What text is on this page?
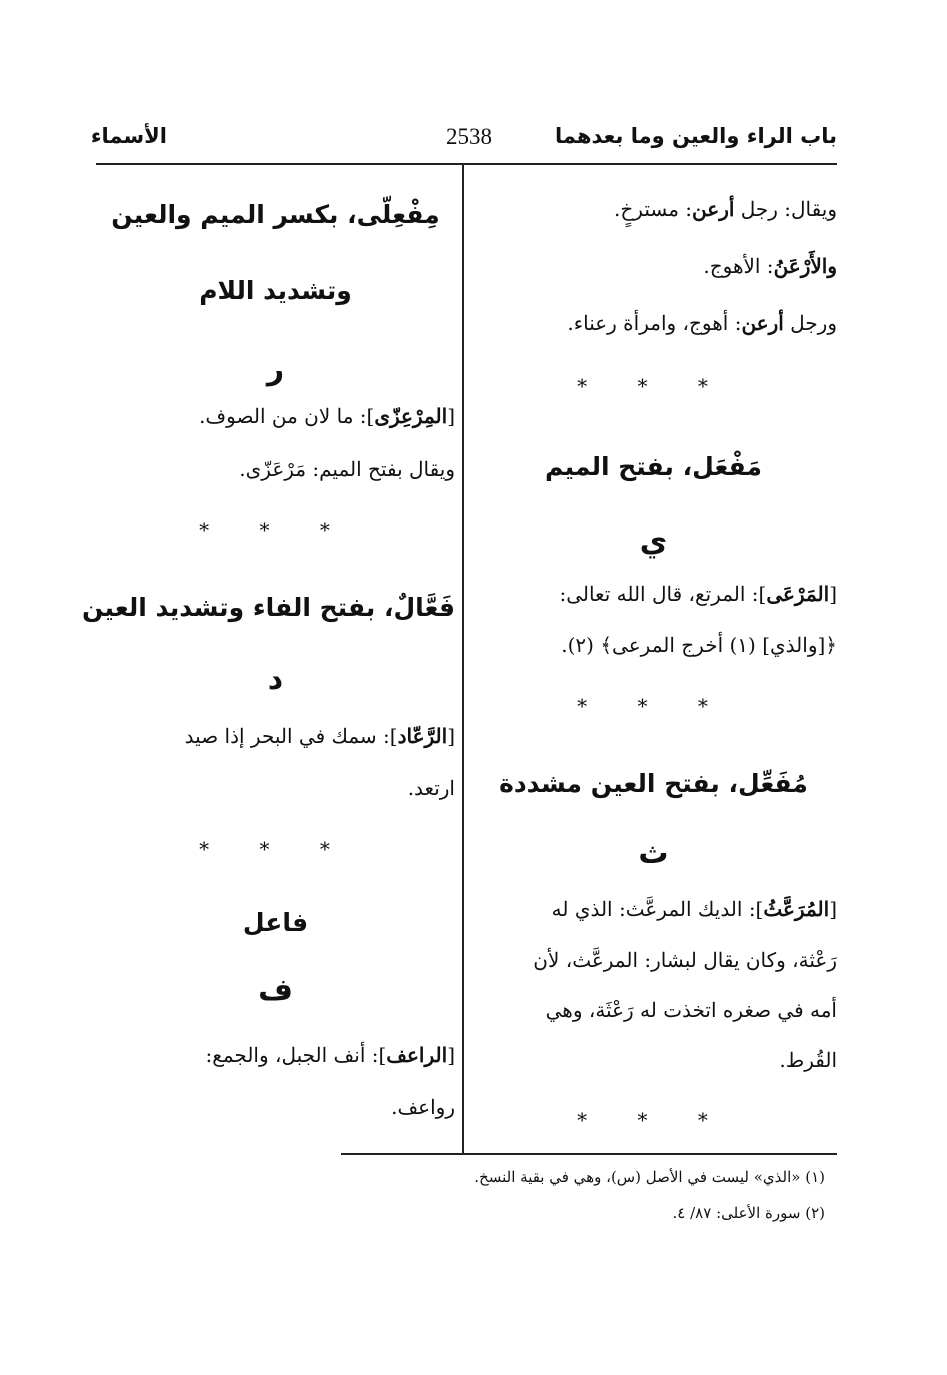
باب الراء والعين وما بعدهما
2538
الأسماء
ويقال: رجل أرعن: مسترخٍ.
والأَرْعَنُ: الأهوج.
ورجل أرعن: أهوج، وامرأة رعناء.
* * *
مَفْعَل، بفتح الميم
ي
[المَرْعَى]: المرتع، قال الله تعالى:
﴿[والذي] (١) أخرج المرعى﴾ (٢).
* * *
مُفَعِّل، بفتح العين مشددة
ث
[المُرَعَّثُ]: الديك المرعَّث: الذي له
رَعْثة، وكان يقال لبشار: المرعَّث، لأن
أمه في صغره اتخذت له رَعْثَة، وهي
القُرط.
* * *
مِفْعِلّى، بكسر الميم والعين
وتشديد اللام
ر
[المِرْعِزّى]: ما لان من الصوف.
ويقال بفتح الميم: مَرْعَزّى.
* * *
فَعَّالٌ، بفتح الفاء وتشديد العين
د
[الرَّعّاد]: سمك في البحر إذا صيد
ارتعد.
* * *
فاعل
ف
[الراعف]: أنف الجبل، والجمع:
رواعف.
(١) «الذي» ليست في الأصل (س)، وهي في بقية النسخ.
(٢) سورة الأعلى: ٨٧/ ٤.
